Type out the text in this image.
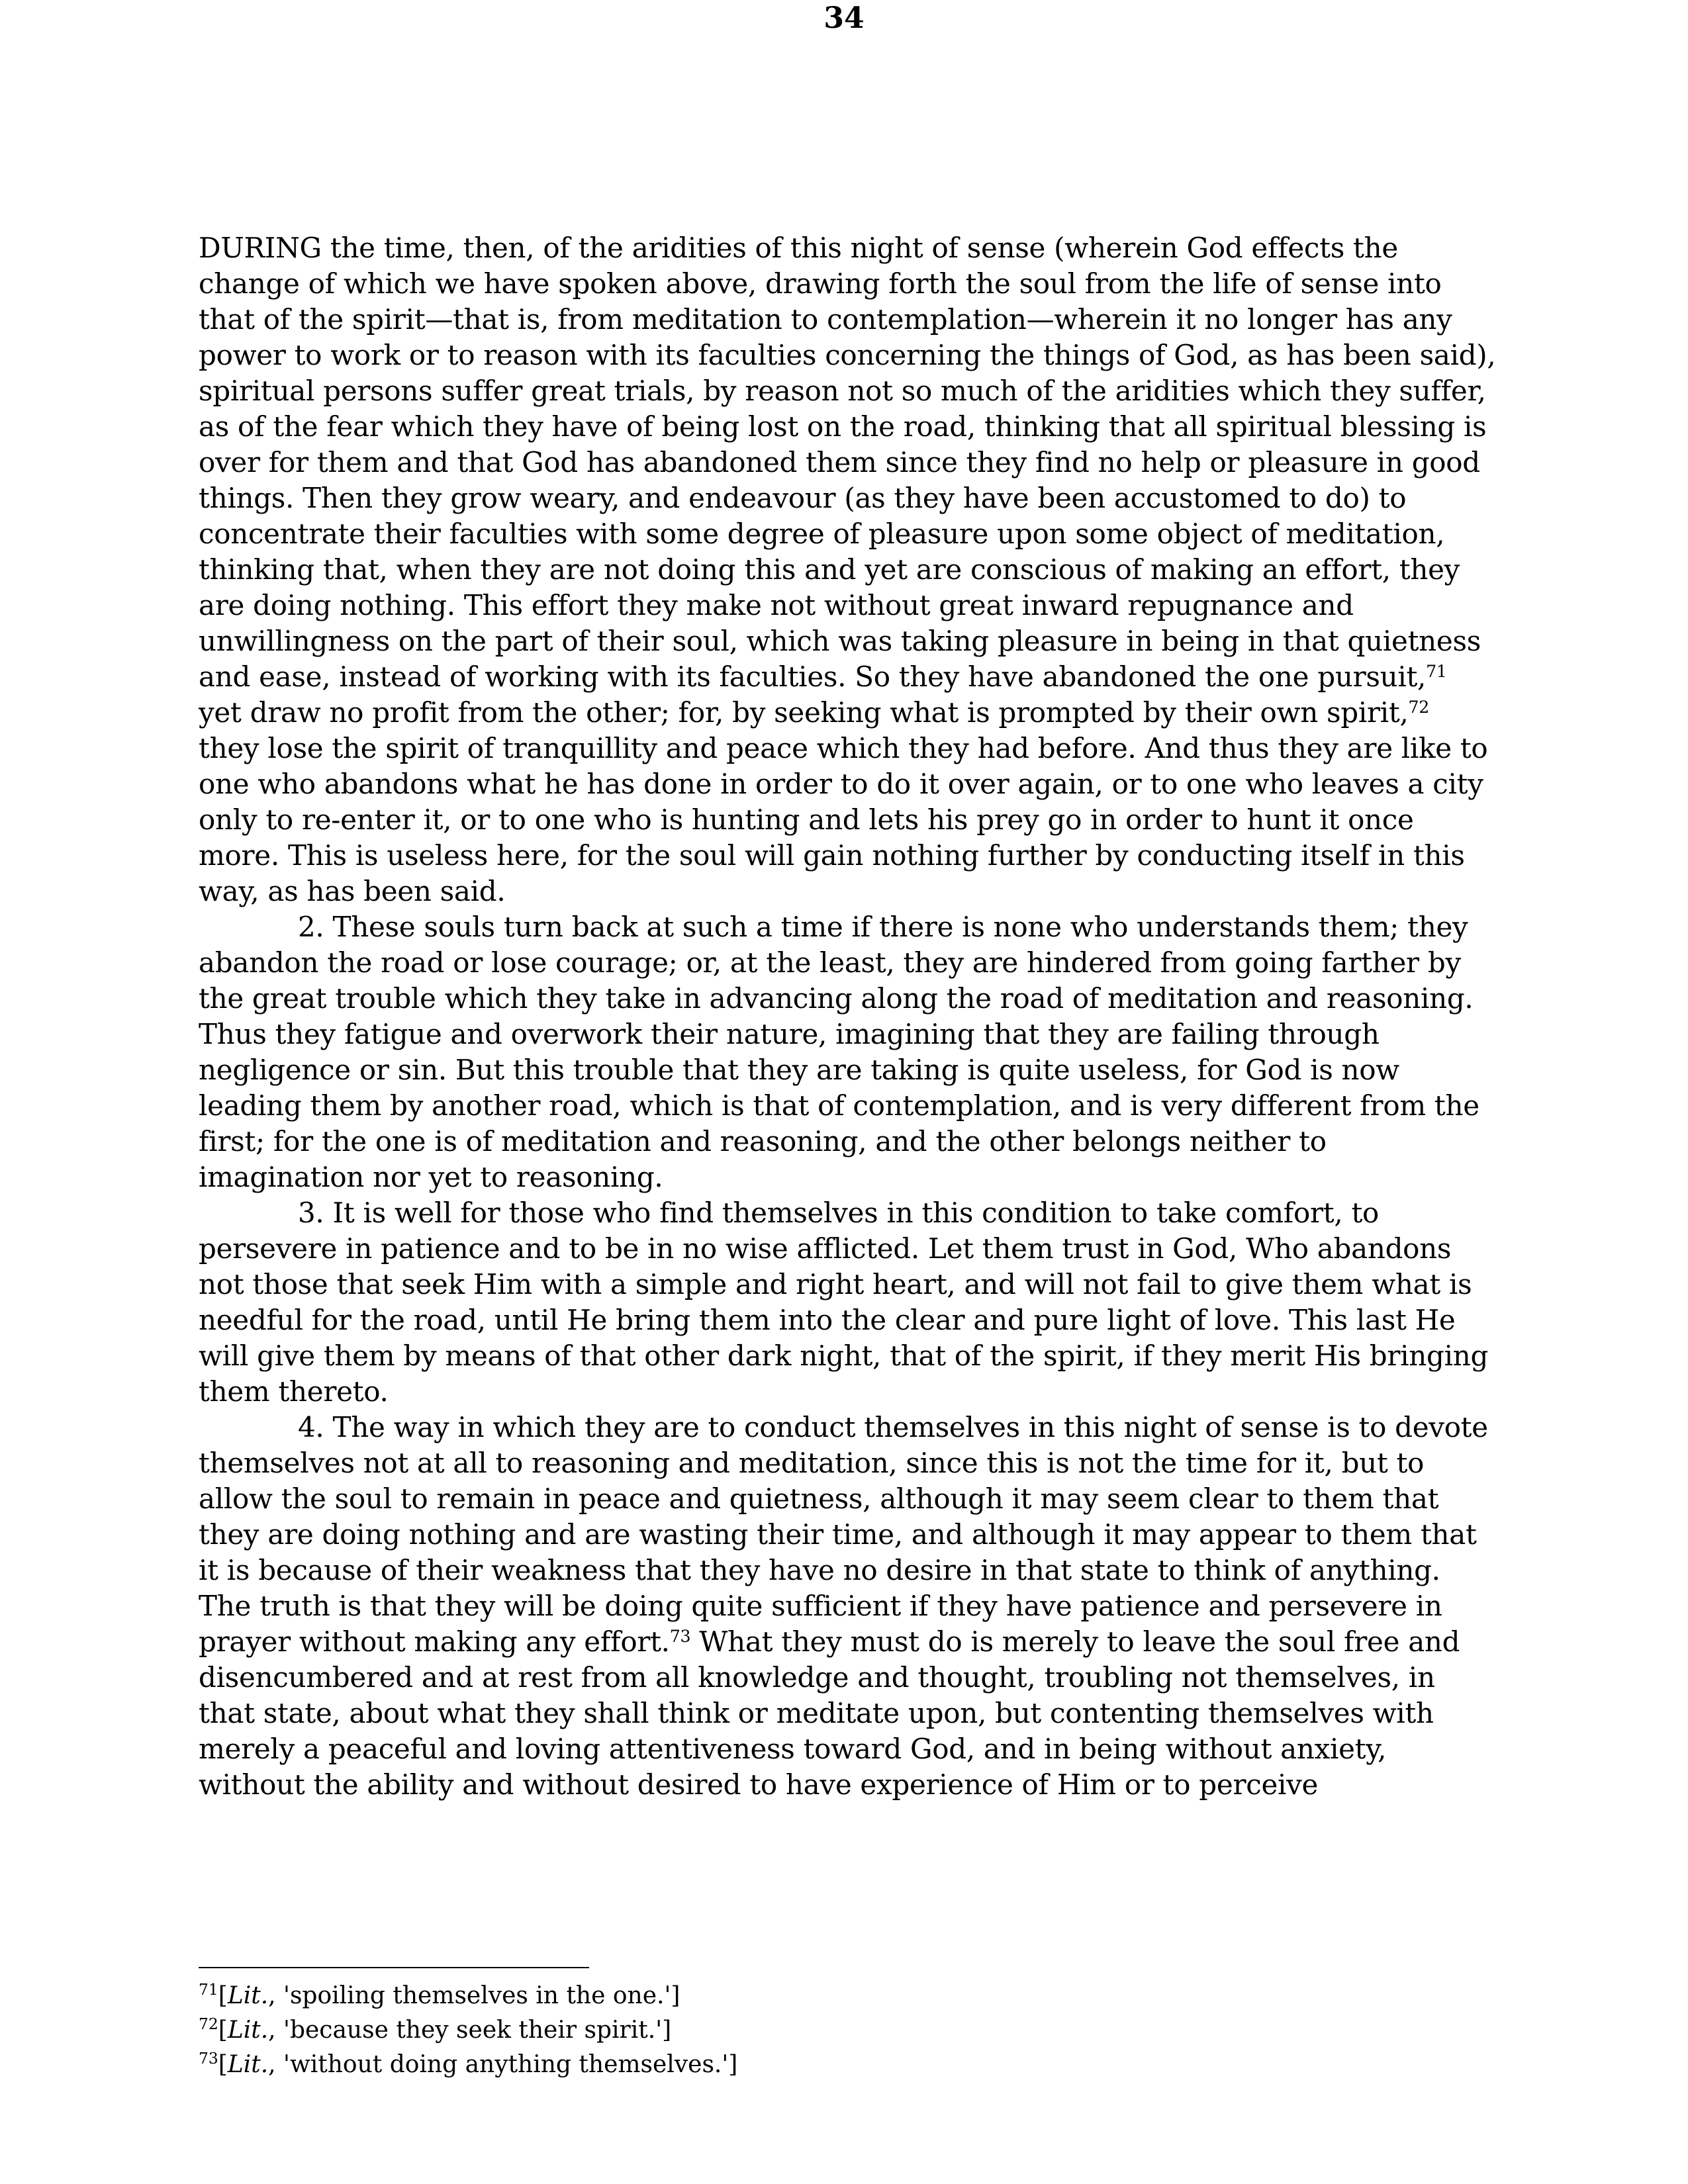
34

DURING the time, then, of the aridities of this night of sense (wherein God effects the change of which we have spoken above, drawing forth the soul from the life of sense into that of the spirit—that is, from meditation to contemplation—wherein it no longer has any power to work or to reason with its faculties concerning the things of God, as has been said), spiritual persons suffer great trials, by reason not so much of the aridities which they suffer, as of the fear which they have of being lost on the road, thinking that all spiritual blessing is over for them and that God has abandoned them since they find no help or pleasure in good things. Then they grow weary, and endeavour (as they have been accustomed to do) to concentrate their faculties with some degree of pleasure upon some object of meditation, thinking that, when they are not doing this and yet are conscious of making an effort, they are doing nothing. This effort they make not without great inward repugnance and unwillingness on the part of their soul, which was taking pleasure in being in that quietness and ease, instead of working with its faculties. So they have abandoned the one pursuit,$^{71}$ yet draw no profit from the other; for, by seeking what is prompted by their own spirit,$^{72}$ they lose the spirit of tranquillity and peace which they had before. And thus they are like to one who abandons what he has done in order to do it over again, or to one who leaves a city only to re-enter it, or to one who is hunting and lets his prey go in order to hunt it once more. This is useless here, for the soul will gain nothing further by conducting itself in this way, as has been said.

2. These souls turn back at such a time if there is none who understands them; they abandon the road or lose courage; or, at the least, they are hindered from going farther by the great trouble which they take in advancing along the road of meditation and reasoning. Thus they fatigue and overwork their nature, imagining that they are failing through negligence or sin. But this trouble that they are taking is quite useless, for God is now leading them by another road, which is that of contemplation, and is very different from the first; for the one is of meditation and reasoning, and the other belongs neither to imagination nor yet to reasoning.

3. It is well for those who find themselves in this condition to take comfort, to persevere in patience and to be in no wise afflicted. Let them trust in God, Who abandons not those that seek Him with a simple and right heart, and will not fail to give them what is needful for the road, until He bring them into the clear and pure light of love. This last He will give them by means of that other dark night, that of the spirit, if they merit His bringing them thereto.

4. The way in which they are to conduct themselves in this night of sense is to devote themselves not at all to reasoning and meditation, since this is not the time for it, but to allow the soul to remain in peace and quietness, although it may seem clear to them that they are doing nothing and are wasting their time, and although it may appear to them that it is because of their weakness that they have no desire in that state to think of anything. The truth is that they will be doing quite sufficient if they have patience and persevere in prayer without making any effort.$^{73}$ What they must do is merely to leave the soul free and disencumbered and at rest from all knowledge and thought, troubling not themselves, in that state, about what they shall think or meditate upon, but contenting themselves with merely a peaceful and loving attentiveness toward God, and in being without anxiety, without the ability and without desired to have experience of Him or to perceive

$^{71}$[Lit., 'spoiling themselves in the one.']

$^{72}$[Lit., 'because they seek their spirit.']

$^{73}$[Lit., 'without doing anything themselves.']
